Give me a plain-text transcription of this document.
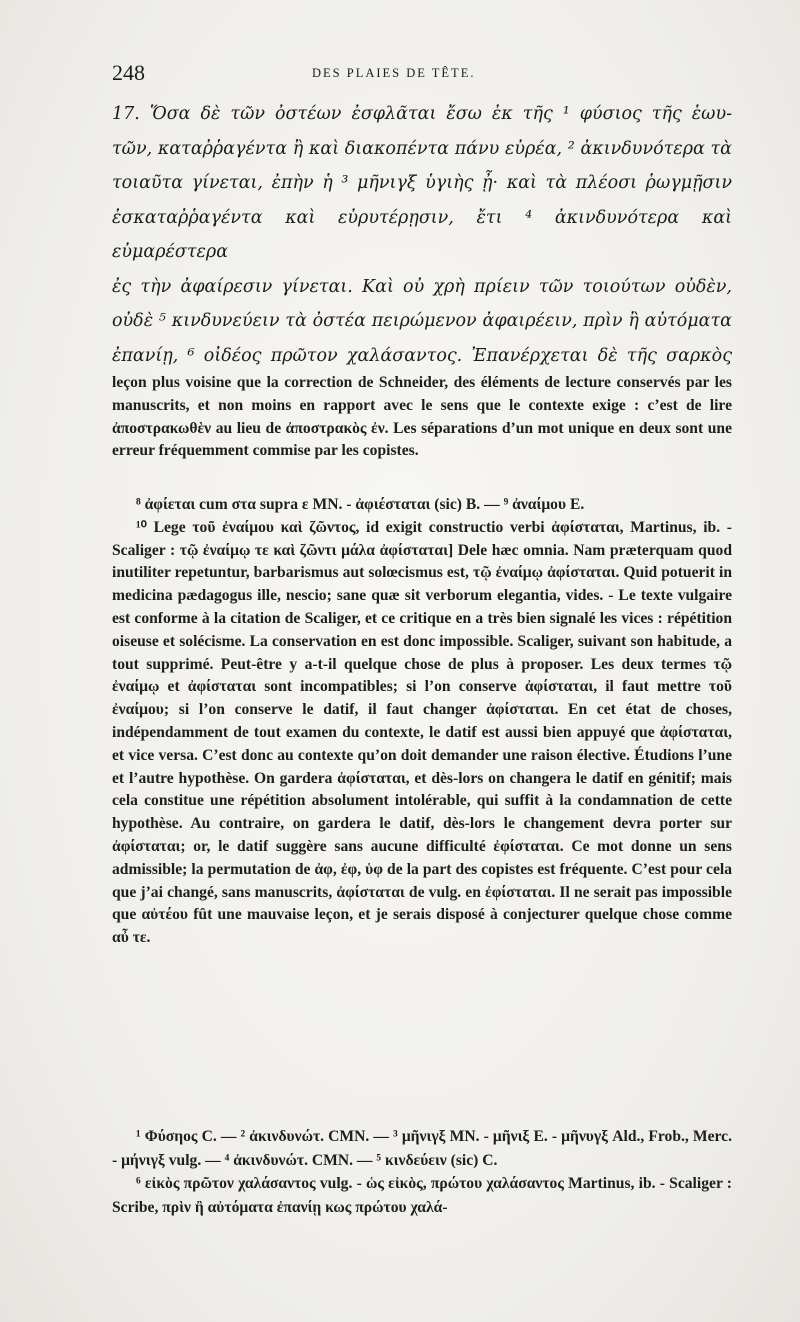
248	DES PLAIES DE TÊTE.
17. Ὅσα δὲ τῶν ὀστέων ἐσφλᾶται ἔσω ἐκ τῆς ¹ φύσιος τῆς ἑωυ-
τῶν, καταῤῥαγέντα ἢ καὶ διακοπέντα πάνυ εὐρέα, ² ἀκινδυνότερα τὰ
τοιαῦτα γίνεται, ἐπὴν ἡ ³ μῆνιγξ ὑγιὴς ᾖ· καὶ τὰ πλέοσι ῥωγμῇσιν
ἐσκαταῤῥαγέντα καὶ εὐρυτέρῃσιν, ἔτι ⁴ ἀκινδυνότερα καὶ εὐμαρέστερα
ἐς τὴν ἀφαίρεσιν γίνεται. Καὶ οὐ χρὴ πρίειν τῶν τοιούτων οὐδὲν,
οὐδὲ ⁵ κινδυνεύειν τὰ ὀστέα πειρώμενον ἀφαιρέειν, πρὶν ἢ αὐτόματα
ἐπανίῃ, ⁶ οἰδέος πρῶτον χαλάσαντος. Ἐπανέρχεται δὲ τῆς σαρκὸς

leçon plus voisine que la correction de Schneider, des éléments de lecture conservés par les manuscrits, et non moins en rapport avec le sens que le contexte exige : c’est de lire ἀποστρακωθὲν au lieu de ἀποστρακὸς ἐν. Les séparations d’un mot unique en deux sont une erreur fréquemment commise par les copistes.

⁸ ἀφίεται cum στα supra ε MN. - ἀφιέσταται (sic) B. — ⁹ ἀναίμου E.

¹⁰ Lege τοῦ ἐναίμου καὶ ζῶντος, id exigit constructio verbi ἀφίσταται, Martinus, ib. - Scaliger : τῷ ἐναίμῳ τε καὶ ζῶντι μάλα ἀφίσταται] Dele hæc omnia. Nam præterquam quod inutiliter repetuntur, barbarismus aut solœcismus est, τῷ ἐναίμῳ ἀφίσταται. Quid potuerit in medicina pædagogus ille, nescio; sane quæ sit verborum elegantia, vides. - Le texte vulgaire est conforme à la citation de Scaliger, et ce critique en a très bien signalé les vices : répétition oiseuse et solécisme. La conservation en est donc impossible. Scaliger, suivant son habitude, a tout supprimé. Peut-être y a-t-il quelque chose de plus à proposer. Les deux termes τῷ ἐναίμῳ et ἀφίσταται sont incompatibles; si l’on conserve ἀφίσταται, il faut mettre τοῦ ἐναίμου; si l’on conserve le datif, il faut changer ἀφίσταται. En cet état de choses, indépendamment de tout examen du contexte, le datif est aussi bien appuyé que ἀφίσταται, et vice versa. C’est donc au contexte qu’on doit demander une raison élective. Étudions l’une et l’autre hypothèse. On gardera ἀφίσταται, et dès-lors on changera le datif en génitif; mais cela constitue une répétition absolument intolérable, qui suffit à la condamnation de cette hypothèse. Au contraire, on gardera le datif, dès-lors le changement devra porter sur ἀφίσταται; or, le datif suggère sans aucune difficulté ἐφίσταται. Ce mot donne un sens admissible; la permutation de ἀφ, ἐφ, ὑφ de la part des copistes est fréquente. C’est pour cela que j’ai changé, sans manuscrits, ἀφίσταται de vulg. en ἐφίσταται. Il ne serait pas impossible que αὐτέου fût une mauvaise leçon, et je serais disposé à conjecturer quelque chose comme αὖ τε.

¹ Φύσηος C. — ² ἀκινδυνώτ. CMN. — ³ μῆνιγξ MN. - μῆνιξ E. - μῆνυγξ Ald., Frob., Merc. - μήνιγξ vulg. — ⁴ ἀκινδυνώτ. CMN. — ⁵ κινδεύειν (sic) C.

⁶ εἰκὸς πρῶτον χαλάσαντος vulg. - ὡς εἰκὸς, πρώτου χαλάσαντος Martinus, ib. - Scaliger : Scribe, πρὶν ἢ αὐτόματα ἐπανίῃ κως πρώτου χαλά-
